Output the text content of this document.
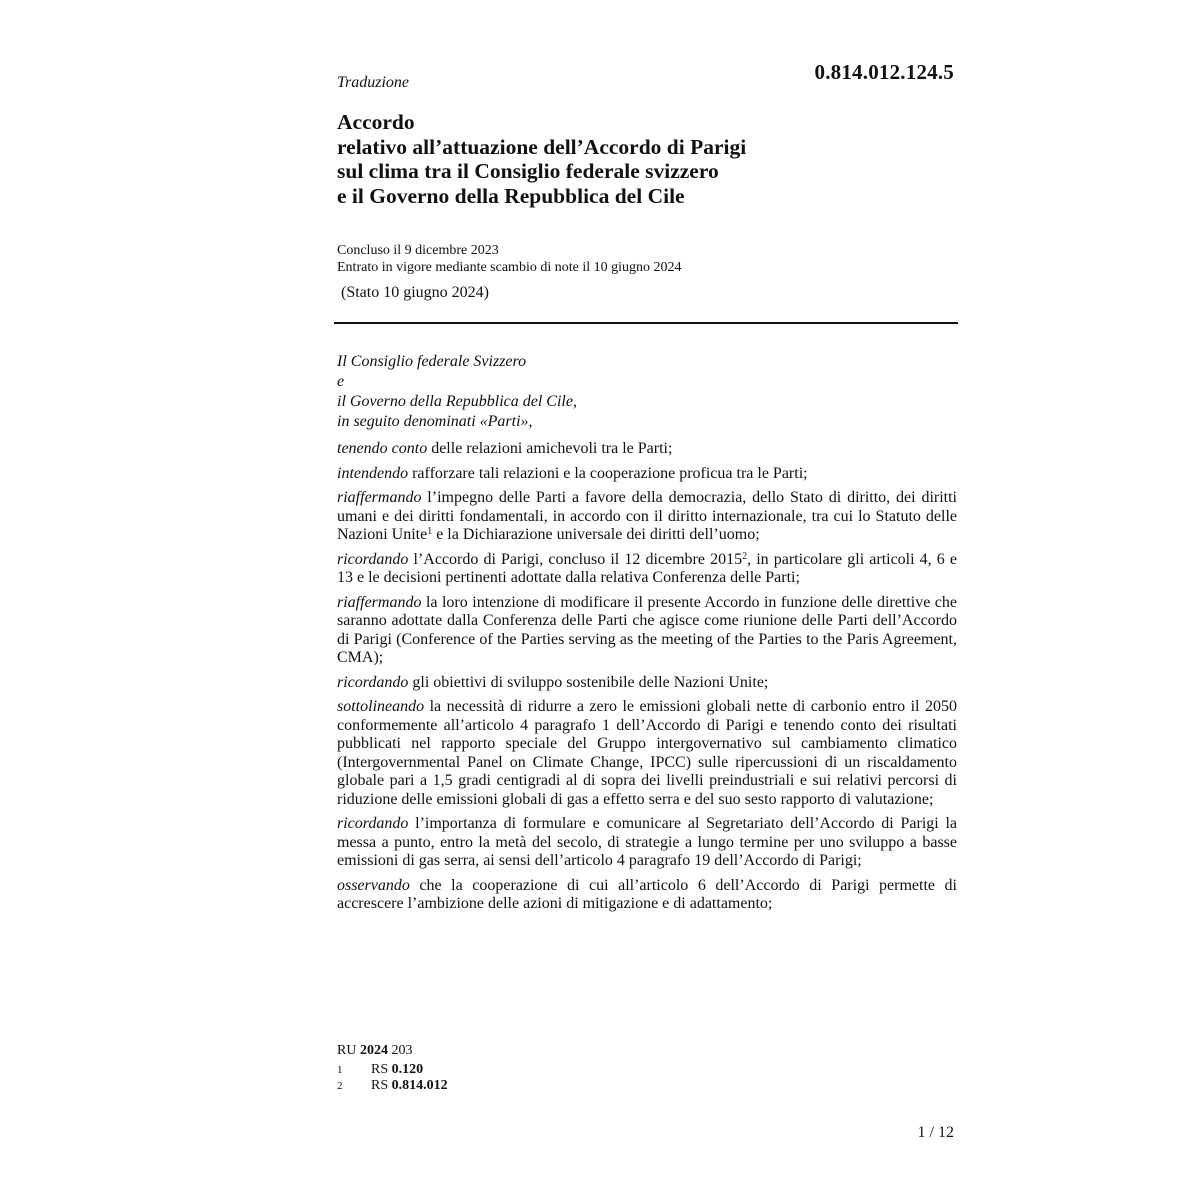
0.814.012.124.5
Traduzione
Accordo
relativo all’attuazione dell’Accordo di Parigi
sul clima tra il Consiglio federale svizzero
e il Governo della Repubblica del Cile
Concluso il 9 dicembre 2023
Entrato in vigore mediante scambio di note il 10 giugno 2024
(Stato 10 giugno 2024)
Il Consiglio federale Svizzero
e
il Governo della Repubblica del Cile,
in seguito denominati «Parti»,

tenendo conto delle relazioni amichevoli tra le Parti;

intendendo rafforzare tali relazioni e la cooperazione proficua tra le Parti;

riaffermando l’impegno delle Parti a favore della democrazia, dello Stato di diritto, dei diritti umani e dei diritti fondamentali, in accordo con il diritto internazionale, tra cui lo Statuto delle Nazioni Unite$^1$ e la Dichiarazione universale dei diritti dell’uomo;

ricordando l’Accordo di Parigi, concluso il 12 dicembre 2015$^2$, in particolare gli articoli 4, 6 e 13 e le decisioni pertinenti adottate dalla relativa Conferenza delle Parti;

riaffermando la loro intenzione di modificare il presente Accordo in funzione delle direttive che saranno adottate dalla Conferenza delle Parti che agisce come riunione delle Parti dell’Accordo di Parigi (Conference of the Parties serving as the meeting of the Parties to the Paris Agreement, CMA);

ricordando gli obiettivi di sviluppo sostenibile delle Nazioni Unite;

sottolineando la necessità di ridurre a zero le emissioni globali nette di carbonio entro il 2050 conformemente all’articolo 4 paragrafo 1 dell’Accordo di Parigi e tenendo conto dei risultati pubblicati nel rapporto speciale del Gruppo intergovernativo sul cambiamento climatico (Intergovernmental Panel on Climate Change, IPCC) sulle ripercussioni di un riscaldamento globale pari a 1,5 gradi centigradi al di sopra dei livelli preindustriali e sui relativi percorsi di riduzione delle emissioni globali di gas a effetto serra e del suo sesto rapporto di valutazione;

ricordando l’importanza di formulare e comunicare al Segretariato dell’Accordo di Parigi la messa a punto, entro la metà del secolo, di strategie a lungo termine per uno sviluppo a basse emissioni di gas serra, ai sensi dell’articolo 4 paragrafo 19 dell’Accordo di Parigi;

osservando che la cooperazione di cui all’articolo 6 dell’Accordo di Parigi permette di accrescere l’ambizione delle azioni di mitigazione e di adattamento;

RU 2024 203
1	RS 0.120
2	RS 0.814.012
1 / 12
